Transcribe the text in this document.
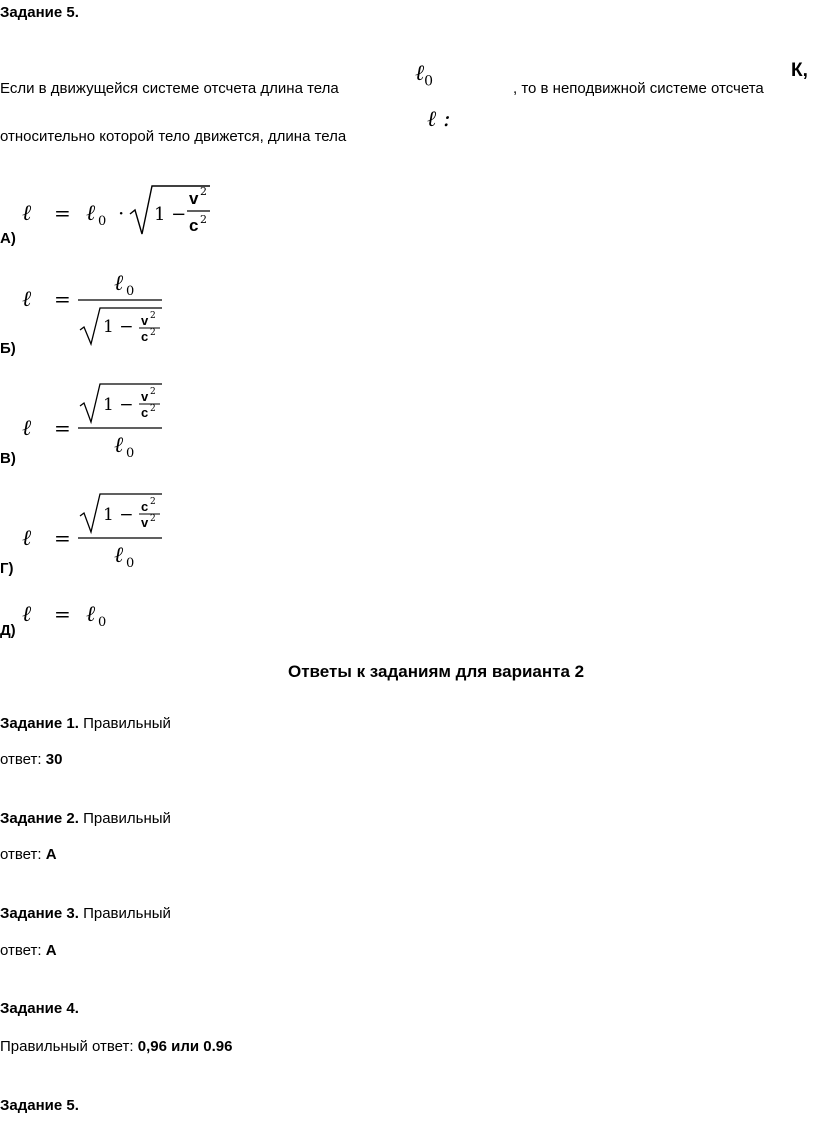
Задание 5.
Если в движущейся системе отсчета длина тела
ℓ$_0$	, то в неподвижной системе отсчета
К,
относительно которой тело движется, длина тела
ℓ :
ℓ = ℓ 0 · 1 −
v 2
c 2
А)
ℓ =
ℓ 0
1 − v 2
c 2
Б)
ℓ =
1 − v 2
c 2
ℓ 0
В)
ℓ =
1 − c 2
v 2
ℓ 0
Г)
ℓ = ℓ 0
Д)
Ответы к заданиям для варианта 2
Задание 1. Правильный
ответ: 30
Задание 2. Правильный
ответ: А
Задание 3. Правильный
ответ: А
Задание 4.
Правильный ответ: 0,96 или 0.96
Задание 5.
